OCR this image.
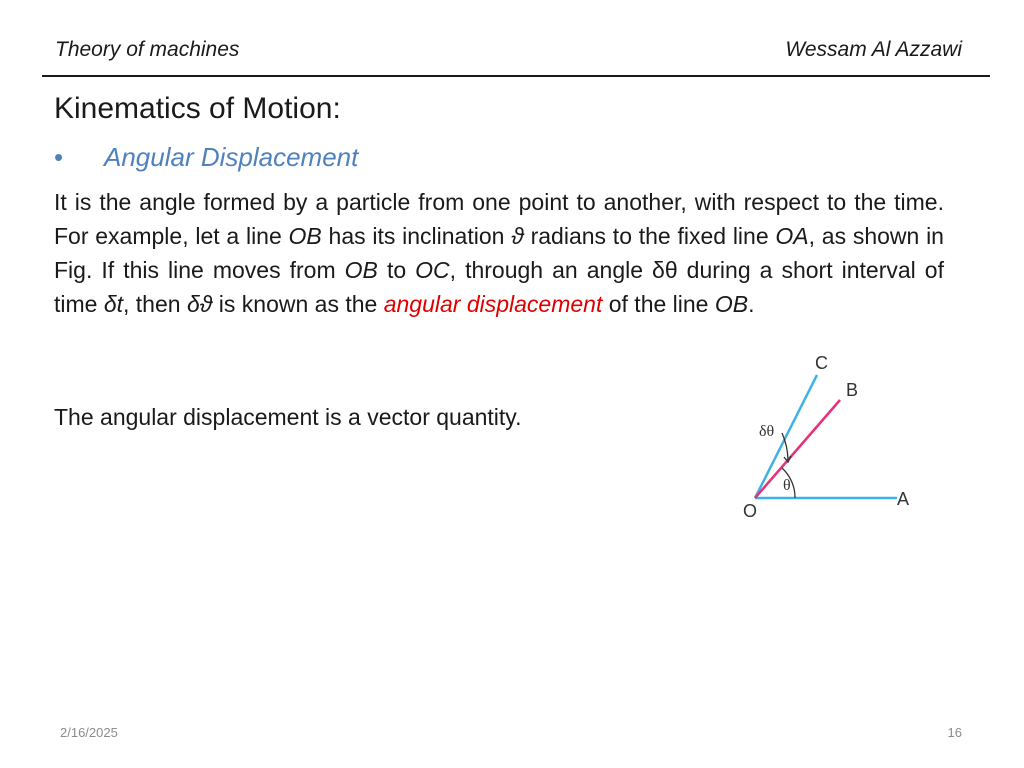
Theory of machines	Wessam Al Azzawi
Kinematics of Motion:
• Angular Displacement
It is the angle formed by a particle from one point to another, with respect to the time. For example, let a line OB has its inclination ϑ radians to the fixed line OA, as shown in Fig. If this line moves from OB to OC, through an angle δθ during a short interval of time δt, then δϑ is known as the angular displacement of the line OB.
The angular displacement is a vector quantity.
C
B
A
O
δθ
θ
2/16/2025	16
